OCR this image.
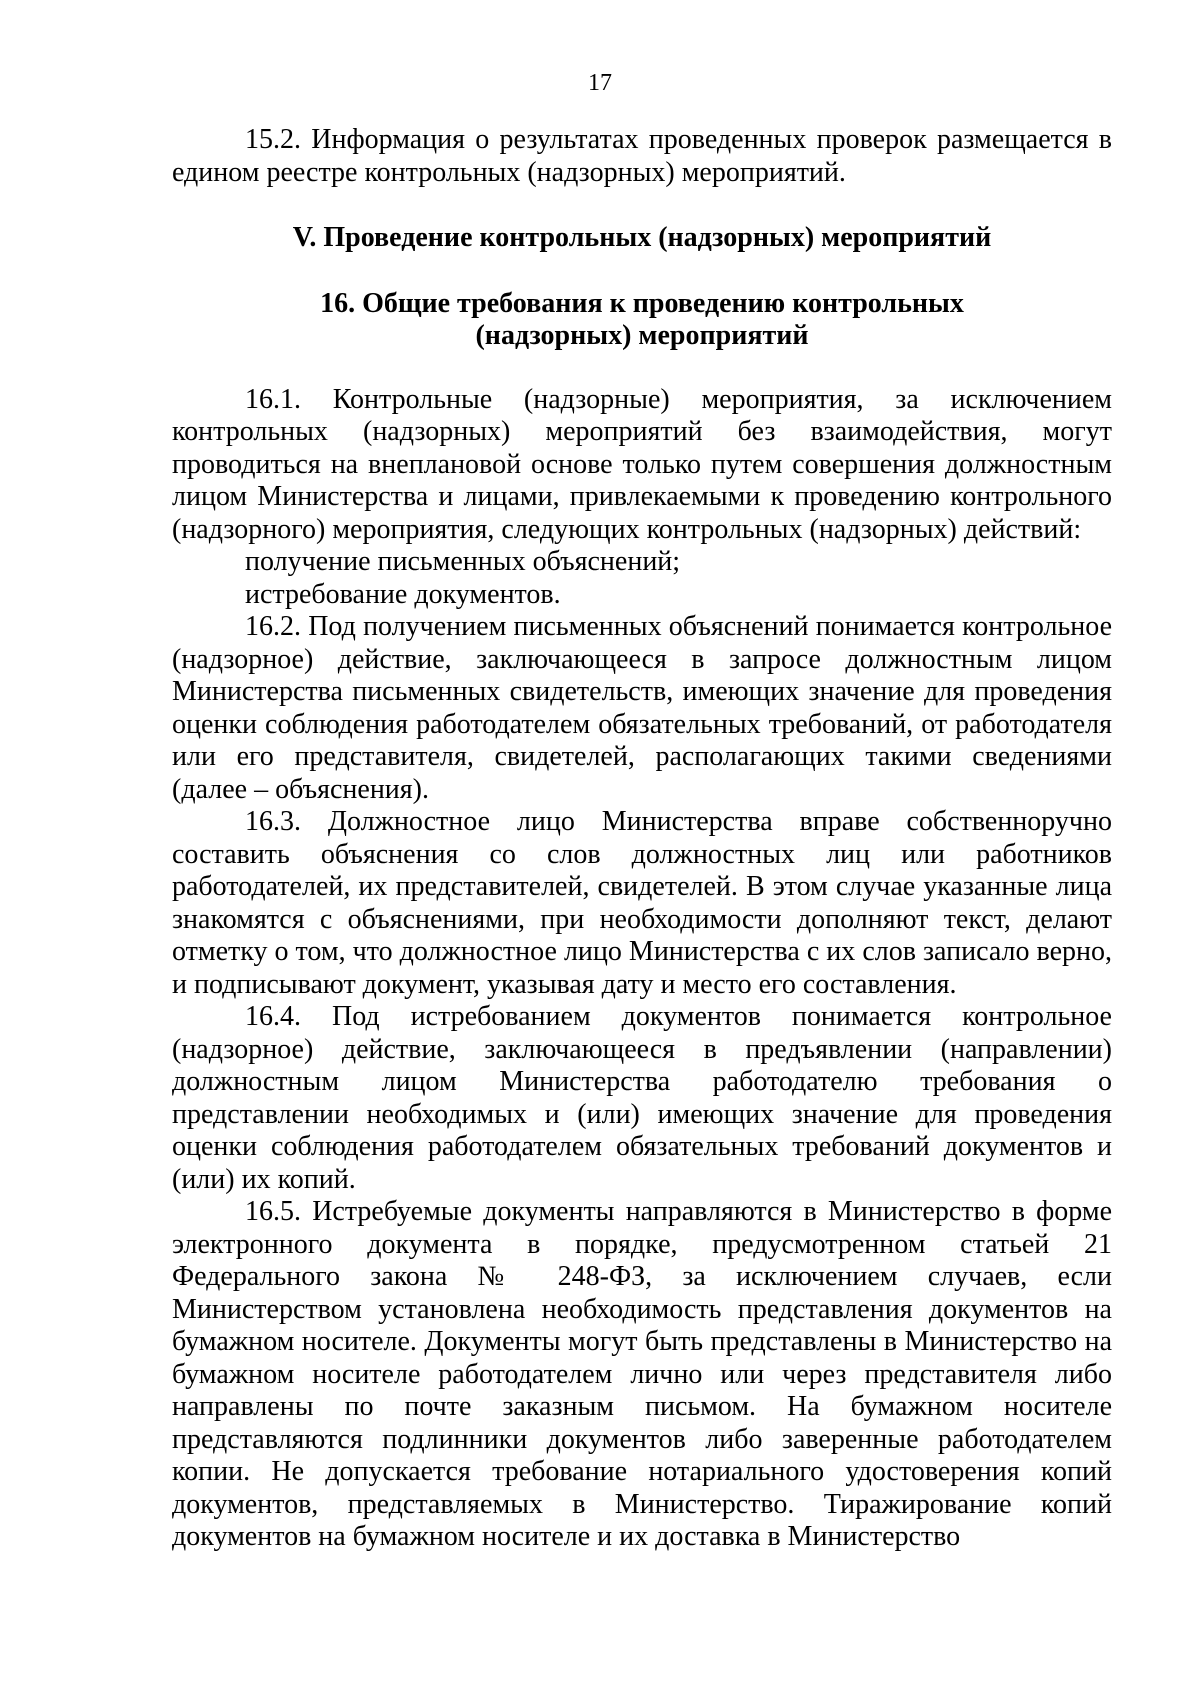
17

15.2. Информация о результатах проведенных проверок размещается в едином реестре контрольных (надзорных) мероприятий.

V. Проведение контрольных (надзорных) мероприятий

16. Общие требования к проведению контрольных
(надзорных) мероприятий

16.1. Контрольные (надзорные) мероприятия, за исключением контрольных (надзорных) мероприятий без взаимодействия, могут проводиться на внеплановой основе только путем совершения должностным лицом Министерства и лицами, привлекаемыми к проведению контрольного (надзорного) мероприятия, следующих контрольных (надзорных) действий:

получение письменных объяснений;

истребование документов.

16.2. Под получением письменных объяснений понимается контрольное (надзорное) действие, заключающееся в запросе должностным лицом Министерства письменных свидетельств, имеющих значение для проведения оценки соблюдения работодателем обязательных требований, от работодателя или его представителя, свидетелей, располагающих такими сведениями (далее – объяснения).

16.3. Должностное лицо Министерства вправе собственноручно составить объяснения со слов должностных лиц или работников работодателей, их представителей, свидетелей. В этом случае указанные лица знакомятся с объяснениями, при необходимости дополняют текст, делают отметку о том, что должностное лицо Министерства с их слов записало верно, и подписывают документ, указывая дату и место его составления.

16.4. Под истребованием документов понимается контрольное (надзорное) действие, заключающееся в предъявлении (направлении) должностным лицом Министерства работодателю требования о представлении необходимых и (или) имеющих значение для проведения оценки соблюдения работодателем обязательных требований документов и (или) их копий.

16.5. Истребуемые документы направляются в Министерство в форме электронного документа в порядке, предусмотренном статьей 21 Федерального закона № 248-ФЗ, за исключением случаев, если Министерством установлена необходимость представления документов на бумажном носителе. Документы могут быть представлены в Министерство на бумажном носителе работодателем лично или через представителя либо направлены по почте заказным письмом. На бумажном носителе представляются подлинники документов либо заверенные работодателем копии. Не допускается требование нотариального удостоверения копий документов, представляемых в Министерство. Тиражирование копий документов на бумажном носителе и их доставка в Министерство
